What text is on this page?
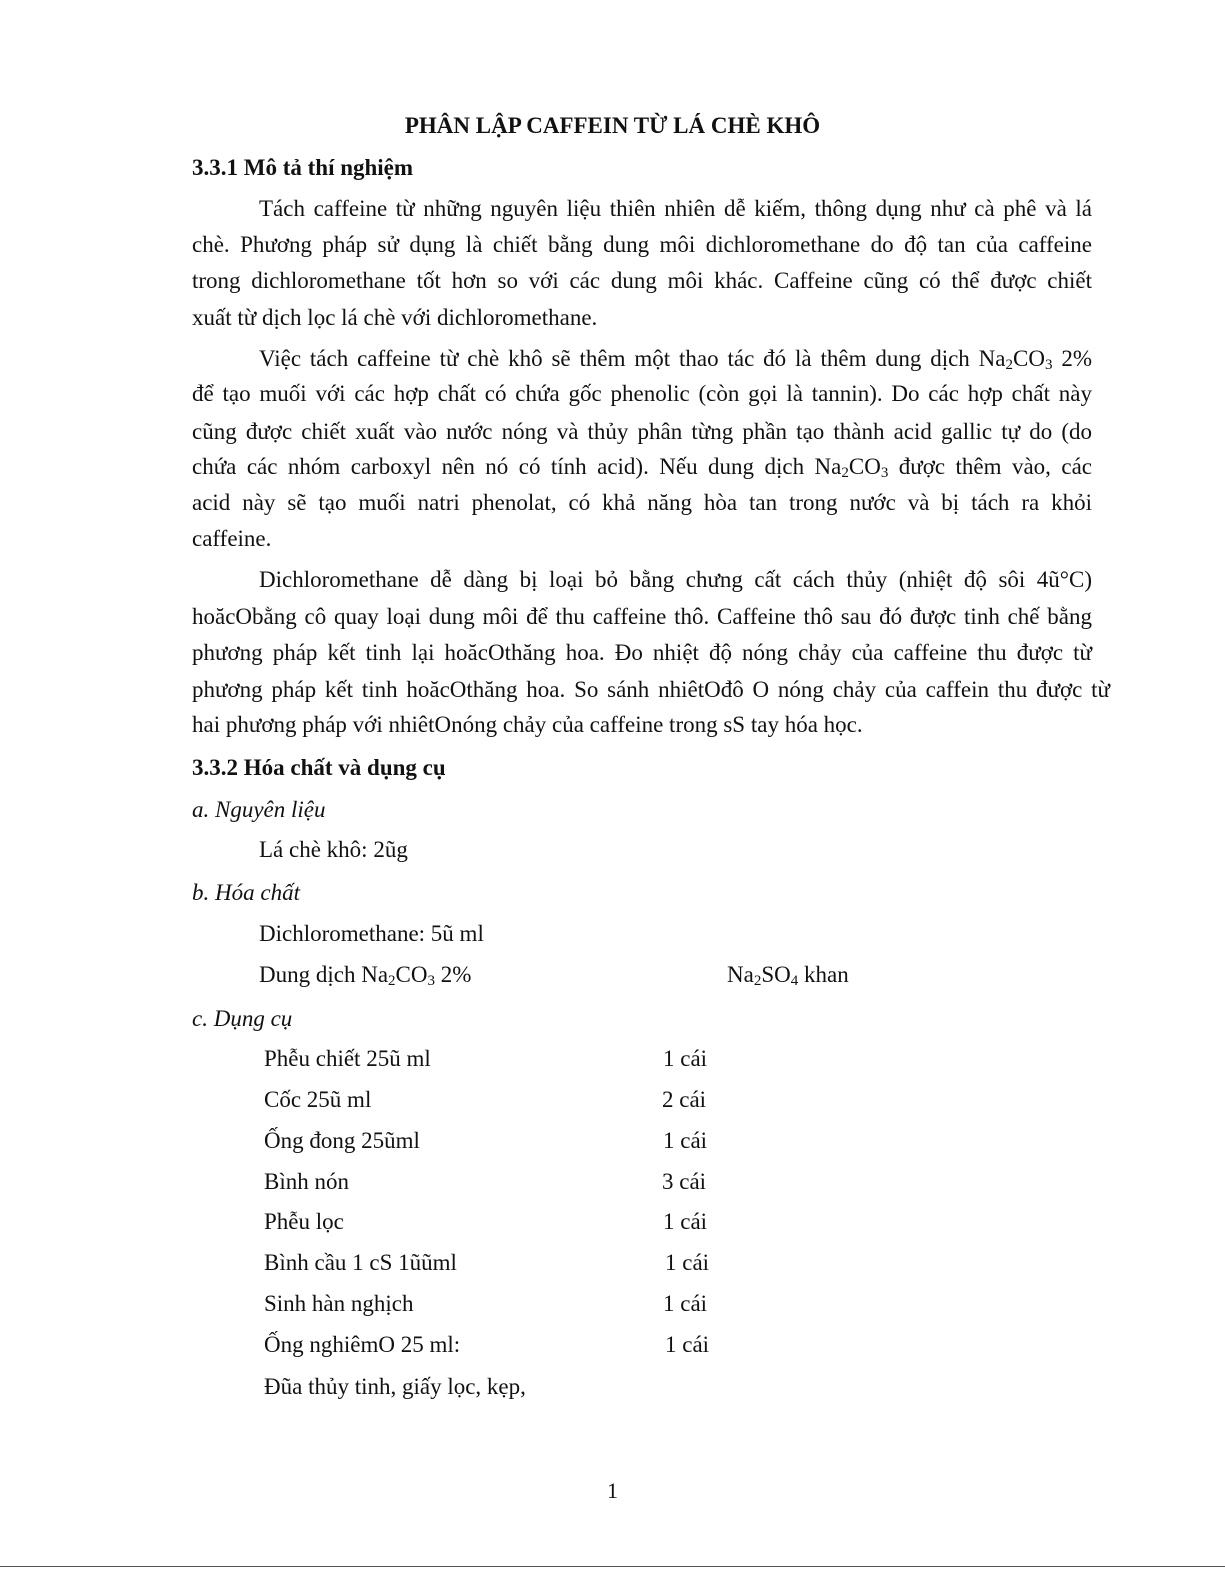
PHÂN LẬP CAFFEIN TỪ LÁ CHÈ KHÔ
3.3.1 Mô tả thí nghiệm
Tách caffeine từ những nguyên liệu thiên nhiên dễ kiếm, thông dụng như cà phê và lá
chè. Phương pháp sử dụng là chiết bằng dung môi dichloromethane do độ tan của caffeine
trong dichloromethane tốt hơn so với các dung môi khác. Caffeine cũng có thể được chiết
xuất từ dịch lọc lá chè với dichloromethane.
Việc tách caffeine từ chè khô sẽ thêm một thao tác đó là thêm dung dịch $Na_2CO_3$ 2%
để tạo muối với các hợp chất có chứa gốc phenolic (còn gọi là tannin). Do các hợp chất này
cũng được chiết xuất vào nước nóng và thủy phân từng phần tạo thành acid gallic tự do (do
chứa các nhóm carboxyl nên nó có tính acid). Nếu dung dịch $Na_2CO_3$ được thêm vào, các
acid này sẽ tạo muối natri phenolat, có khả năng hòa tan trong nước và bị tách ra khỏi
caffeine.
Dichloromethane dễ dàng bị loại bỏ bằng chưng cất cách thủy (nhiệt độ sôi 4ũ°C)
hoăcObằng cô quay loại dung môi để thu caffeine thô. Caffeine thô sau đó được tinh chế bằng
phương pháp kết tinh lại hoăcOthăng hoa. Đo nhiệt độ nóng chảy của caffeine thu được từ
phương pháp kết tinh hoăcOthăng hoa. So sánh nhiêtOđô O nóng chảy của caffein thu được từ
hai phương pháp với nhiêtOnóng chảy của caffeine trong sS tay hóa học.
3.3.2 Hóa chất và dụng cụ
a. Nguyên liệu
Lá chè khô: 2ũg
b. Hóa chất
Dichloromethane: 5ũ ml
Dung dịch $Na_2CO_3$ 2%	$Na_2SO_4$ khan
c. Dụng cụ
Phễu chiết 25ũ ml	1 cái
Cốc 25ũ ml	2 cái
Ống đong 25ũml	1 cái
Bình nón	3 cái
Phễu lọc	1 cái
Bình cầu 1 cS 1ũũml	1 cái
Sinh hàn nghịch	1 cái
Ống nghiêmO 25 ml:	1 cái
Đũa thủy tinh, giấy lọc, kẹp,
1
